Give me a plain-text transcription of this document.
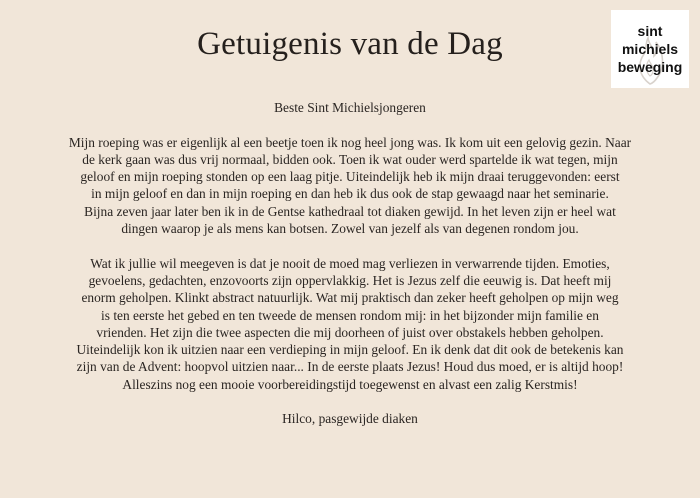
Getuigenis van de Dag	sint
michiels
beweging

Beste Sint Michielsjongeren

Mijn roeping was er eigenlijk al een beetje toen ik nog heel jong was. Ik kom uit een gelovig gezin. Naar

de kerk gaan was dus vrij normaal, bidden ook. Toen ik wat ouder werd spartelde ik wat tegen, mijn

geloof en mijn roeping stonden op een laag pitje. Uiteindelijk heb ik mijn draai teruggevonden: eerst

in mijn geloof en dan in mijn roeping en dan heb ik dus ook de stap gewaagd naar het seminarie.

Bijna zeven jaar later ben ik in de Gentse kathedraal tot diaken gewijd. In het leven zijn er heel wat

dingen waarop je als mens kan botsen. Zowel van jezelf als van degenen rondom jou.

Wat ik jullie wil meegeven is dat je nooit de moed mag verliezen in verwarrende tijden. Emoties,

gevoelens, gedachten, enzovoorts zijn oppervlakkig. Het is Jezus zelf die eeuwig is. Dat heeft mij

enorm geholpen. Klinkt abstract natuurlijk. Wat mij praktisch dan zeker heeft geholpen op mijn weg

is ten eerste het gebed en ten tweede de mensen rondom mij: in het bijzonder mijn familie en

vrienden. Het zijn die twee aspecten die mij doorheen of juist over obstakels hebben geholpen.

Uiteindelijk kon ik uitzien naar een verdieping in mijn geloof. En ik denk dat dit ook de betekenis kan

zijn van de Advent: hoopvol uitzien naar... In de eerste plaats Jezus! Houd dus moed, er is altijd hoop!

Alleszins nog een mooie voorbereidingstijd toegewenst en alvast een zalig Kerstmis!

Hilco, pasgewijde diaken
